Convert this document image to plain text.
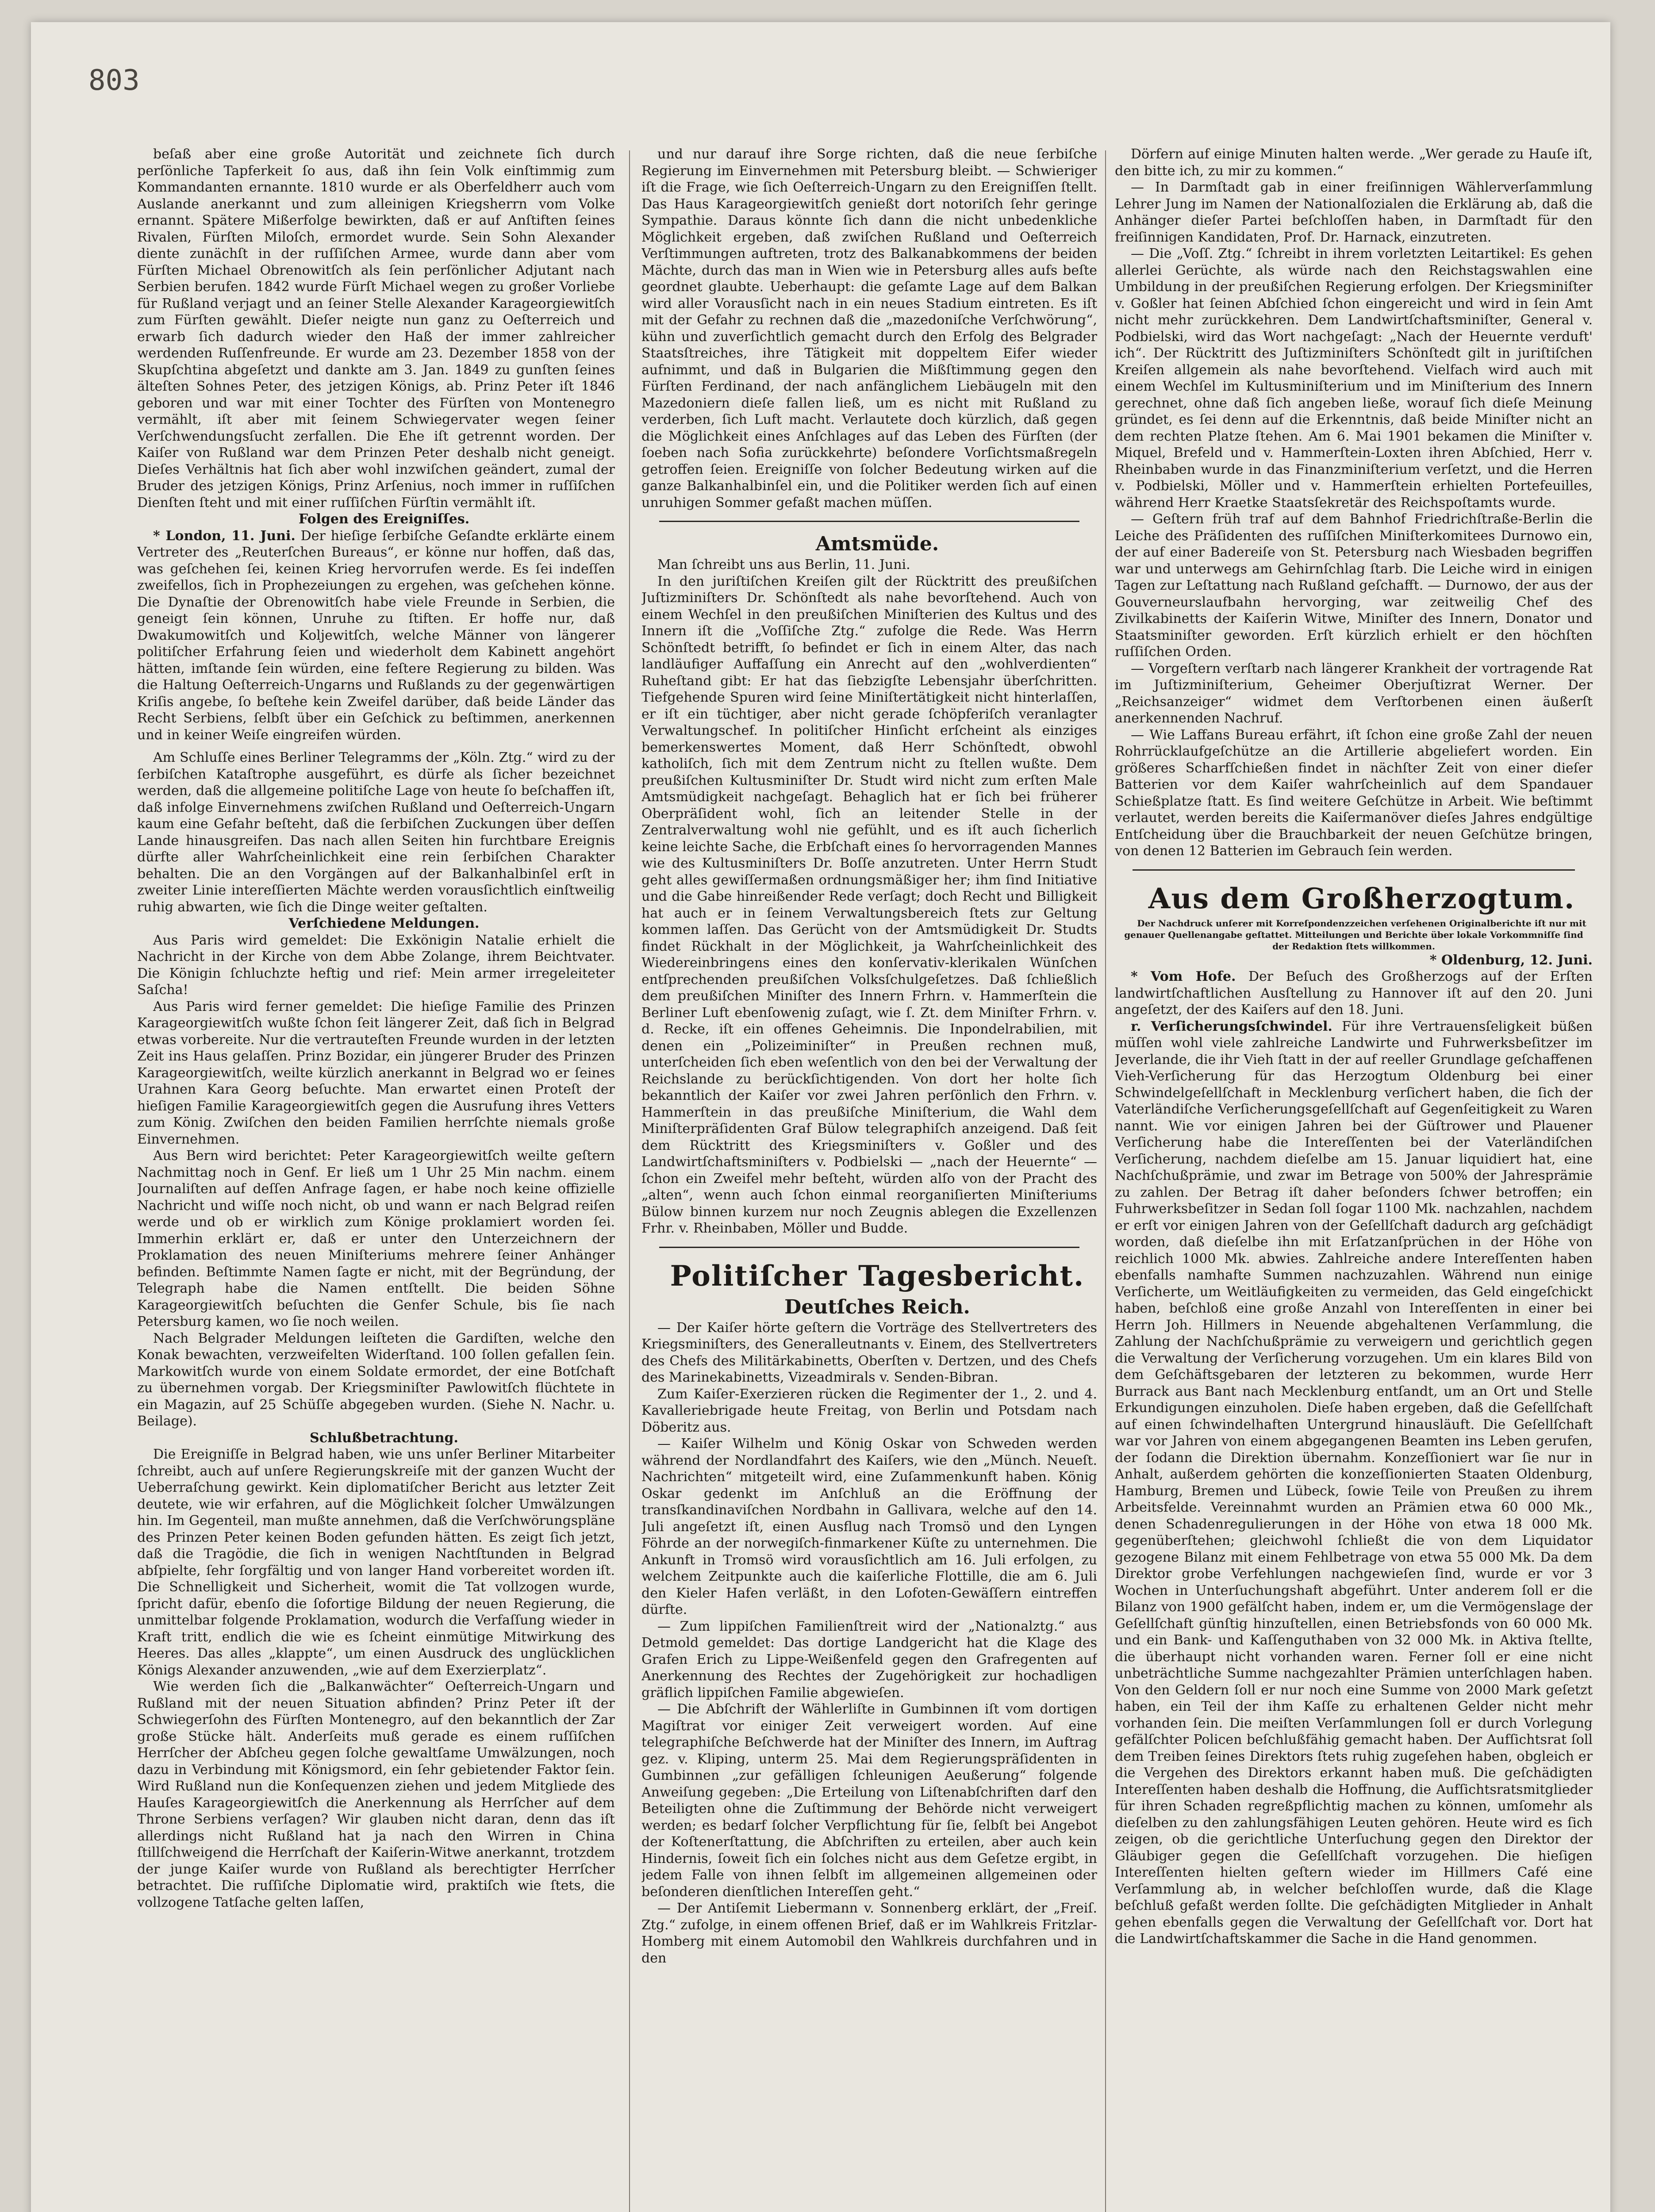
803

beſaß aber eine große Autorität und zeichnete ſich durch perſönliche Tapferkeit ſo aus, daß ihn ſein Volk einſtimmig zum Kommandanten ernannte. 1810 wurde er als Oberfeldherr auch vom Auslande anerkannt und zum alleinigen Kriegsherrn vom Volke ernannt. Spätere Mißerfolge bewirkten, daß er auf Anſtiften ſeines Rivalen, Fürſten Miloſch, ermordet wurde. Sein Sohn Alexander diente zunächſt in der ruſſiſchen Armee, wurde dann aber vom Fürſten Michael Obrenowitſch als ſein perſönlicher Adjutant nach Serbien berufen. 1842 wurde Fürſt Michael wegen zu großer Vorliebe für Rußland verjagt und an ſeiner Stelle Alexander Karageorgiewitſch zum Fürſten gewählt. Dieſer neigte nun ganz zu Oeſterreich und erwarb ſich dadurch wieder den Haß der immer zahlreicher werdenden Ruſſenfreunde. Er wurde am 23. Dezember 1858 von der Skupſchtina abgeſetzt und dankte am 3. Jan. 1849 zu gunſten ſeines älteſten Sohnes Peter, des jetzigen Königs, ab. Prinz Peter iſt 1846 geboren und war mit einer Tochter des Fürſten von Montenegro vermählt, iſt aber mit ſeinem Schwiegervater wegen ſeiner Verſchwendungsſucht zerfallen. Die Ehe iſt getrennt worden. Der Kaiſer von Rußland war dem Prinzen Peter deshalb nicht geneigt. Dieſes Verhältnis hat ſich aber wohl inzwiſchen geändert, zumal der Bruder des jetzigen Königs, Prinz Arſenius, noch immer in ruſſiſchen Dienſten ſteht und mit einer ruſſiſchen Fürſtin vermählt iſt.

Folgen des Ereigniſſes.

* London, 11. Juni. Der hieſige ſerbiſche Geſandte erklärte einem Vertreter des „Reuterſchen Bureaus“, er könne nur hoffen, daß das, was geſchehen ſei, keinen Krieg hervorrufen werde. Es ſei indeſſen zweifellos, ſich in Prophezeiungen zu ergehen, was geſchehen könne. Die Dynaſtie der Obrenowitſch habe viele Freunde in Serbien, die geneigt ſein können, Unruhe zu ſtiften. Er hoffe nur, daß Dwakumowitſch und Koljewitſch, welche Männer von längerer politiſcher Erfahrung ſeien und wiederholt dem Kabinett angehört hätten, imſtande ſein würden, eine feſtere Regierung zu bilden. Was die Haltung Oeſterreich-Ungarns und Rußlands zu der gegenwärtigen Kriſis angebe, ſo beſtehe kein Zweifel darüber, daß beide Länder das Recht Serbiens, ſelbſt über ein Geſchick zu beſtimmen, anerkennen und in keiner Weiſe eingreifen würden.

Am Schluſſe eines Berliner Telegramms der „Köln. Ztg.“ wird zu der ſerbiſchen Kataſtrophe ausgeführt, es dürfe als ſicher bezeichnet werden, daß die allgemeine politiſche Lage von heute ſo beſchaffen iſt, daß infolge Einvernehmens zwiſchen Rußland und Oeſterreich-Ungarn kaum eine Gefahr beſteht, daß die ſerbiſchen Zuckungen über deſſen Lande hinausgreifen. Das nach allen Seiten hin furchtbare Ereignis dürfte aller Wahrſcheinlichkeit eine rein ſerbiſchen Charakter behalten. Die an den Vorgängen auf der Balkanhalbinſel erſt in zweiter Linie intereſſierten Mächte werden vorausſichtlich einſtweilig ruhig abwarten, wie ſich die Dinge weiter geſtalten.

Verſchiedene Meldungen.

Aus Paris wird gemeldet: Die Exkönigin Natalie erhielt die Nachricht in der Kirche von dem Abbe Zolange, ihrem Beichtvater. Die Königin ſchluchzte heftig und rief: Mein armer irregeleiteter Saſcha!

Aus Paris wird ferner gemeldet: Die hieſige Familie des Prinzen Karageorgiewitſch wußte ſchon ſeit längerer Zeit, daß ſich in Belgrad etwas vorbereite. Nur die vertrauteſten Freunde wurden in der letzten Zeit ins Haus gelaſſen. Prinz Bozidar, ein jüngerer Bruder des Prinzen Karageorgiewitſch, weilte kürzlich anerkannt in Belgrad wo er ſeines Urahnen Kara Georg beſuchte. Man erwartet einen Proteſt der hieſigen Familie Karageorgiewitſch gegen die Ausrufung ihres Vetters zum König. Zwiſchen den beiden Familien herrſchte niemals große Einvernehmen.

Aus Bern wird berichtet: Peter Karageorgiewitſch weilte geſtern Nachmittag noch in Genf. Er ließ um 1 Uhr 25 Min nachm. einem Journaliſten auf deſſen Anfrage ſagen, er habe noch keine offizielle Nachricht und wiſſe noch nicht, ob und wann er nach Belgrad reiſen werde und ob er wirklich zum Könige proklamiert worden ſei. Immerhin erklärt er, daß er unter den Unterzeichnern der Proklamation des neuen Miniſteriums mehrere ſeiner Anhänger befinden. Beſtimmte Namen ſagte er nicht, mit der Begründung, der Telegraph habe die Namen entſtellt. Die beiden Söhne Karageorgiewitſch beſuchten die Genfer Schule, bis ſie nach Petersburg kamen, wo ſie noch weilen.

Nach Belgrader Meldungen leiſteten die Gardiſten, welche den Konak bewachten, verzweifelten Widerſtand. 100 ſollen gefallen ſein. Markowitſch wurde von einem Soldate ermordet, der eine Botſchaft zu übernehmen vorgab. Der Kriegsminiſter Pawlowitſch flüchtete in ein Magazin, auf 25 Schüſſe abgegeben wurden. (Siehe N. Nachr. u. Beilage).

Schlußbetrachtung.

Die Ereigniſſe in Belgrad haben, wie uns unſer Berliner Mitarbeiter ſchreibt, auch auf unſere Regierungskreiſe mit der ganzen Wucht der Ueberraſchung gewirkt. Kein diplomatiſcher Bericht aus letzter Zeit deutete, wie wir erfahren, auf die Möglichkeit ſolcher Umwälzungen hin. Im Gegenteil, man mußte annehmen, daß die Verſchwörungspläne des Prinzen Peter keinen Boden gefunden hätten. Es zeigt ſich jetzt, daß die Tragödie, die ſich in wenigen Nachtſtunden in Belgrad abſpielte, ſehr ſorgfältig und von langer Hand vorbereitet worden iſt. Die Schnelligkeit und Sicherheit, womit die Tat vollzogen wurde, ſpricht dafür, ebenſo die ſofortige Bildung der neuen Regierung, die unmittelbar folgende Proklamation, wodurch die Verfaſſung wieder in Kraft tritt, endlich die wie es ſcheint einmütige Mitwirkung des Heeres. Das alles „klappte“, um einen Ausdruck des unglücklichen Königs Alexander anzuwenden, „wie auf dem Exerzierplatz“.

Wie werden ſich die „Balkanwächter“ Oeſterreich-Ungarn und Rußland mit der neuen Situation abfinden? Prinz Peter iſt der Schwiegerſohn des Fürſten Montenegro, auf den bekanntlich der Zar große Stücke hält. Anderſeits muß gerade es einem ruſſiſchen Herrſcher der Abſcheu gegen ſolche gewaltſame Umwälzungen, noch dazu in Verbindung mit Königsmord, ein ſehr gebietender Faktor ſein. Wird Rußland nun die Konſequenzen ziehen und jedem Mitgliede des Hauſes Karageorgiewitſch die Anerkennung als Herrſcher auf dem Throne Serbiens verſagen? Wir glauben nicht daran, denn das iſt allerdings nicht Rußland hat ja nach den Wirren in China ſtillſchweigend die Herrſchaft der Kaiſerin-Witwe anerkannt, trotzdem der junge Kaiſer wurde von Rußland als berechtigter Herrſcher betrachtet. Die ruſſiſche Diplomatie wird, praktiſch wie ſtets, die vollzogene Tatſache gelten laſſen,

und nur darauf ihre Sorge richten, daß die neue ſerbiſche Regierung im Einvernehmen mit Petersburg bleibt. — Schwieriger iſt die Frage, wie ſich Oeſterreich-Ungarn zu den Ereigniſſen ſtellt. Das Haus Karageorgiewitſch genießt dort notoriſch ſehr geringe Sympathie. Daraus könnte ſich dann die nicht unbedenkliche Möglichkeit ergeben, daß zwiſchen Rußland und Oeſterreich Verſtimmungen auftreten, trotz des Balkanabkommens der beiden Mächte, durch das man in Wien wie in Petersburg alles aufs beſte geordnet glaubte. Ueberhaupt: die geſamte Lage auf dem Balkan wird aller Vorausſicht nach in ein neues Stadium eintreten. Es iſt mit der Gefahr zu rechnen daß die „mazedoniſche Verſchwörung“, kühn und zuverſichtlich gemacht durch den Erfolg des Belgrader Staatsſtreiches, ihre Tätigkeit mit doppeltem Eifer wieder aufnimmt, und daß in Bulgarien die Mißſtimmung gegen den Fürſten Ferdinand, der nach anfänglichem Liebäugeln mit den Mazedoniern dieſe fallen ließ, um es nicht mit Rußland zu verderben, ſich Luft macht. Verlautete doch kürzlich, daß gegen die Möglichkeit eines Anſchlages auf das Leben des Fürſten (der ſoeben nach Sofia zurückkehrte) beſondere Vorſichtsmaßregeln getroffen ſeien. Ereigniſſe von ſolcher Bedeutung wirken auf die ganze Balkanhalbinſel ein, und die Politiker werden ſich auf einen unruhigen Sommer gefaßt machen müſſen.

Amtsmüde.

Man ſchreibt uns aus Berlin, 11. Juni.

In den juriſtiſchen Kreiſen gilt der Rücktritt des preußiſchen Juſtizminiſters Dr. Schönſtedt als nahe bevorſtehend. Auch von einem Wechſel in den preußiſchen Miniſterien des Kultus und des Innern iſt die „Voſſiſche Ztg.“ zufolge die Rede. Was Herrn Schönſtedt betrifft, ſo befindet er ſich in einem Alter, das nach landläufiger Auffaſſung ein Anrecht auf den „wohlverdienten“ Ruheſtand gibt: Er hat das ſiebzigſte Lebensjahr überſchritten. Tiefgehende Spuren wird ſeine Miniſtertätigkeit nicht hinterlaſſen, er iſt ein tüchtiger, aber nicht gerade ſchöpferiſch veranlagter Verwaltungschef. In politiſcher Hinſicht erſcheint als einziges bemerkenswertes Moment, daß Herr Schönſtedt, obwohl katholiſch, ſich mit dem Zentrum nicht zu ſtellen wußte. Dem preußiſchen Kultusminiſter Dr. Studt wird nicht zum erſten Male Amtsmüdigkeit nachgeſagt. Behaglich hat er ſich bei früherer Oberpräſident wohl, ſich an leitender Stelle in der Zentralverwaltung wohl nie gefühlt, und es iſt auch ſicherlich keine leichte Sache, die Erbſchaft eines ſo hervorragenden Mannes wie des Kultusminiſters Dr. Boſſe anzutreten. Unter Herrn Studt geht alles gewiſſermaßen ordnungsmäßiger her; ihm ſind Initiative und die Gabe hinreißender Rede verſagt; doch Recht und Billigkeit hat auch er in ſeinem Verwaltungsbereich ſtets zur Geltung kommen laſſen. Das Gerücht von der Amtsmüdigkeit Dr. Studts findet Rückhalt in der Möglichkeit, ja Wahrſcheinlichkeit des Wiedereinbringens eines den konſervativ-klerikalen Wünſchen entſprechenden preußiſchen Volksſchulgeſetzes. Daß ſchließlich dem preußiſchen Miniſter des Innern Frhrn. v. Hammerſtein die Berliner Luft ebenſowenig zuſagt, wie ſ. Zt. dem Miniſter Frhrn. v. d. Recke, iſt ein offenes Geheimnis. Die Inpondelrabilien, mit denen ein „Polizeiminiſter“ in Preußen rechnen muß, unterſcheiden ſich eben weſentlich von den bei der Verwaltung der Reichslande zu berückſichtigenden. Von dort her holte ſich bekanntlich der Kaiſer vor zwei Jahren perſönlich den Frhrn. v. Hammerſtein in das preußiſche Miniſterium, die Wahl dem Miniſterpräſidenten Graf Bülow telegraphiſch anzeigend. Daß ſeit dem Rücktritt des Kriegsminiſters v. Goßler und des Landwirtſchaftsminiſters v. Podbielski — „nach der Heuernte“ — ſchon ein Zweifel mehr beſteht, würden alſo von der Pracht des „alten“, wenn auch ſchon einmal reorganiſierten Miniſteriums Bülow binnen kurzem nur noch Zeugnis ablegen die Exzellenzen Frhr. v. Rheinbaben, Möller und Budde.

Politiſcher Tagesbericht.

Deutſches Reich.

— Der Kaiſer hörte geſtern die Vorträge des Stellvertreters des Kriegsminiſters, des Generalleutnants v. Einem, des Stellvertreters des Chefs des Militärkabinetts, Oberſten v. Dertzen, und des Chefs des Marinekabinetts, Vizeadmirals v. Senden-Bibran.

Zum Kaiſer-Exerzieren rücken die Regimenter der 1., 2. und 4. Kavalleriebrigade heute Freitag, von Berlin und Potsdam nach Döberitz aus.

— Kaiſer Wilhelm und König Oskar von Schweden werden während der Nordlandfahrt des Kaiſers, wie den „Münch. Neueſt. Nachrichten“ mitgeteilt wird, eine Zuſammenkunft haben. König Oskar gedenkt im Anſchluß an die Eröffnung der transſkandinaviſchen Nordbahn in Gallivara, welche auf den 14. Juli angeſetzt iſt, einen Ausflug nach Tromsö und den Lyngen Föhrde an der norwegiſch-finmarkener Küſte zu unternehmen. Die Ankunft in Tromsö wird vorausſichtlich am 16. Juli erfolgen, zu welchem Zeitpunkte auch die kaiſerliche Flottille, die am 6. Juli den Kieler Hafen verläßt, in den Lofoten-Gewäſſern eintreffen dürfte.

— Zum lippiſchen Familienſtreit wird der „Nationalztg.“ aus Detmold gemeldet: Das dortige Landgericht hat die Klage des Grafen Erich zu Lippe-Weißenfeld gegen den Grafregenten auf Anerkennung des Rechtes der Zugehörigkeit zur hochadligen gräflich lippiſchen Familie abgewieſen.

— Die Abſchrift der Wählerliſte in Gumbinnen iſt vom dortigen Magiſtrat vor einiger Zeit verweigert worden. Auf eine telegraphiſche Beſchwerde hat der Miniſter des Innern, im Auftrag gez. v. Kliping, unterm 25. Mai dem Regierungspräſidenten in Gumbinnen „zur gefälligen ſchleunigen Aeußerung“ folgende Anweiſung gegeben: „Die Erteilung von Liſtenabſchriften darf den Beteiligten ohne die Zuſtimmung der Behörde nicht verweigert werden; es bedarf ſolcher Verpflichtung für ſie, ſelbſt bei Angebot der Koſtenerſtattung, die Abſchriften zu erteilen, aber auch kein Hindernis, ſoweit ſich ein ſolches nicht aus dem Geſetze ergibt, in jedem Falle von ihnen ſelbſt im allgemeinen allgemeinen oder beſonderen dienſtlichen Intereſſen geht.“

— Der Antiſemit Liebermann v. Sonnenberg erklärt, der „Freiſ. Ztg.“ zufolge, in einem offenen Brief, daß er im Wahlkreis Fritzlar-Homberg mit einem Automobil den Wahlkreis durchfahren und in den

Dörfern auf einige Minuten halten werde. „Wer gerade zu Hauſe iſt, den bitte ich, zu mir zu kommen.“

— In Darmſtadt gab in einer freiſinnigen Wählerverſammlung Lehrer Jung im Namen der Nationalſozialen die Erklärung ab, daß die Anhänger dieſer Partei beſchloſſen haben, in Darmſtadt für den freiſinnigen Kandidaten, Prof. Dr. Harnack, einzutreten.

— Die „Voſſ. Ztg.“ ſchreibt in ihrem vorletzten Leitartikel: Es gehen allerlei Gerüchte, als würde nach den Reichstagswahlen eine Umbildung in der preußiſchen Regierung erfolgen. Der Kriegsminiſter v. Goßler hat ſeinen Abſchied ſchon eingereicht und wird in ſein Amt nicht mehr zurückkehren. Dem Landwirtſchaftsminiſter, General v. Podbielski, wird das Wort nachgeſagt: „Nach der Heuernte verduft' ich“. Der Rücktritt des Juſtizminiſters Schönſtedt gilt in juriſtiſchen Kreiſen allgemein als nahe bevorſtehend. Vielfach wird auch mit einem Wechſel im Kultusminiſterium und im Miniſterium des Innern gerechnet, ohne daß ſich angeben ließe, worauf ſich dieſe Meinung gründet, es ſei denn auf die Erkenntnis, daß beide Miniſter nicht an dem rechten Platze ſtehen. Am 6. Mai 1901 bekamen die Miniſter v. Miquel, Brefeld und v. Hammerſtein-Loxten ihren Abſchied, Herr v. Rheinbaben wurde in das Finanzminiſterium verſetzt, und die Herren v. Podbielski, Möller und v. Hammerſtein erhielten Portefeuilles, während Herr Kraetke Staatsſekretär des Reichspoſtamts wurde.

— Geſtern früh traf auf dem Bahnhof Friedrichſtraße-Berlin die Leiche des Präſidenten des ruſſiſchen Miniſterkomitees Durnowo ein, der auf einer Badereiſe von St. Petersburg nach Wiesbaden begriffen war und unterwegs am Gehirnſchlag ſtarb. Die Leiche wird in einigen Tagen zur Leſtattung nach Rußland geſchafft. — Durnowo, der aus der Gouverneurslaufbahn hervorging, war zeitweilig Chef des Zivilkabinetts der Kaiſerin Witwe, Miniſter des Innern, Donator und Staatsminiſter geworden. Erſt kürzlich erhielt er den höchſten ruſſiſchen Orden.

— Vorgeſtern verſtarb nach längerer Krankheit der vortragende Rat im Juſtizminiſterium, Geheimer Oberjuſtizrat Werner. Der „Reichsanzeiger“ widmet dem Verſtorbenen einen äußerſt anerkennenden Nachruf.

— Wie Laffans Bureau erfährt, iſt ſchon eine große Zahl der neuen Rohrrücklaufgeſchütze an die Artillerie abgeliefert worden. Ein größeres Scharfſchießen findet in nächſter Zeit von einer dieſer Batterien vor dem Kaiſer wahrſcheinlich auf dem Spandauer Schießplatze ſtatt. Es ſind weitere Geſchütze in Arbeit. Wie beſtimmt verlautet, werden bereits die Kaiſermanöver dieſes Jahres endgültige Entſcheidung über die Brauchbarkeit der neuen Geſchütze bringen, von denen 12 Batterien im Gebrauch ſein werden.

Aus dem Großherzogtum.

Der Nachdruck unſerer mit Korreſpondenzzeichen verſehenen Originalberichte iſt nur mit genauer Quellenangabe geſtattet. Mitteilungen und Berichte über lokale Vorkommniſſe ſind der Redaktion ſtets willkommen.

* Oldenburg, 12. Juni.

* Vom Hofe. Der Beſuch des Großherzogs auf der Erſten landwirtſchaftlichen Ausſtellung zu Hannover iſt auf den 20. Juni angeſetzt, der des Kaiſers auf den 18. Juni.

r. Verſicherungsſchwindel. Für ihre Vertrauensſeligkeit büßen müſſen wohl viele zahlreiche Landwirte und Fuhrwerksbeſitzer im Jeverlande, die ihr Vieh ſtatt in der auf reeller Grundlage geſchaffenen Vieh-Verſicherung für das Herzogtum Oldenburg bei einer Schwindelgeſellſchaft in Mecklenburg verſichert haben, die ſich der Vaterländiſche Verſicherungsgeſellſchaft auf Gegenſeitigkeit zu Waren nannt. Wie vor einigen Jahren bei der Güſtrower und Plauener Verſicherung habe die Intereſſenten bei der Vaterländiſchen Verſicherung, nachdem dieſelbe am 15. Januar liquidiert hat, eine Nachſchußprämie, und zwar im Betrage von 500% der Jahresprämie zu zahlen. Der Betrag iſt daher beſonders ſchwer betroffen; ein Fuhrwerksbeſitzer in Sedan ſoll ſogar 1100 Mk. nachzahlen, nachdem er erſt vor einigen Jahren von der Geſellſchaft dadurch arg geſchädigt worden, daß dieſelbe ihn mit Erſatzanſprüchen in der Höhe von reichlich 1000 Mk. abwies. Zahlreiche andere Intereſſenten haben ebenfalls namhafte Summen nachzuzahlen. Während nun einige Verſicherte, um Weitläufigkeiten zu vermeiden, das Geld eingeſchickt haben, beſchloß eine große Anzahl von Intereſſenten in einer bei Herrn Joh. Hillmers in Neuende abgehaltenen Verſammlung, die Zahlung der Nachſchußprämie zu verweigern und gerichtlich gegen die Verwaltung der Verſicherung vorzugehen. Um ein klares Bild von dem Geſchäftsgebaren der letzteren zu bekommen, wurde Herr Burrack aus Bant nach Mecklenburg entſandt, um an Ort und Stelle Erkundigungen einzuholen. Dieſe haben ergeben, daß die Geſellſchaft auf einen ſchwindelhaften Untergrund hinausläuft. Die Geſellſchaft war vor Jahren von einem abgegangenen Beamten ins Leben gerufen, der ſodann die Direktion übernahm. Konzeſſioniert war ſie nur in Anhalt, außerdem gehörten die konzeſſionierten Staaten Oldenburg, Hamburg, Bremen und Lübeck, ſowie Teile von Preußen zu ihrem Arbeitsfelde. Vereinnahmt wurden an Prämien etwa 60 000 Mk., denen Schadenregulierungen in der Höhe von etwa 18 000 Mk. gegenüberſtehen; gleichwohl ſchließt die von dem Liquidator gezogene Bilanz mit einem Fehlbetrage von etwa 55 000 Mk. Da dem Direktor grobe Verfehlungen nachgewieſen ſind, wurde er vor 3 Wochen in Unterſuchungshaft abgeführt. Unter anderem ſoll er die Bilanz von 1900 gefälſcht haben, indem er, um die Vermögenslage der Geſellſchaft günſtig hinzuſtellen, einen Betriebsfonds von 60 000 Mk. und ein Bank- und Kaſſenguthaben von 32 000 Mk. in Aktiva ſtellte, die überhaupt nicht vorhanden waren. Ferner ſoll er eine nicht unbeträchtliche Summe nachgezahlter Prämien unterſchlagen haben. Von den Geldern ſoll er nur noch eine Summe von 2000 Mark geſetzt haben, ein Teil der ihm Kaſſe zu erhaltenen Gelder nicht mehr vorhanden ſein. Die meiſten Verſammlungen ſoll er durch Vorlegung gefälſchter Policen beſchlußfähig gemacht haben. Der Aufſichtsrat ſoll dem Treiben ſeines Direktors ſtets ruhig zugeſehen haben, obgleich er die Vergehen des Direktors erkannt haben muß. Die geſchädigten Intereſſenten haben deshalb die Hoffnung, die Aufſichtsratsmitglieder für ihren Schaden regreßpflichtig machen zu können, umſomehr als dieſelben zu den zahlungsfähigen Leuten gehören. Heute wird es ſich zeigen, ob die gerichtliche Unterſuchung gegen den Direktor der Gläubiger gegen die Geſellſchaft vorzugehen. Die hieſigen Intereſſenten hielten geſtern wieder im Hillmers Café eine Verſammlung ab, in welcher beſchloſſen wurde, daß die Klage beſchluß gefaßt werden ſollte. Die geſchädigten Mitglieder in Anhalt gehen ebenfalls gegen die Verwaltung der Geſellſchaft vor. Dort hat die Landwirtſchaftskammer die Sache in die Hand genommen.
